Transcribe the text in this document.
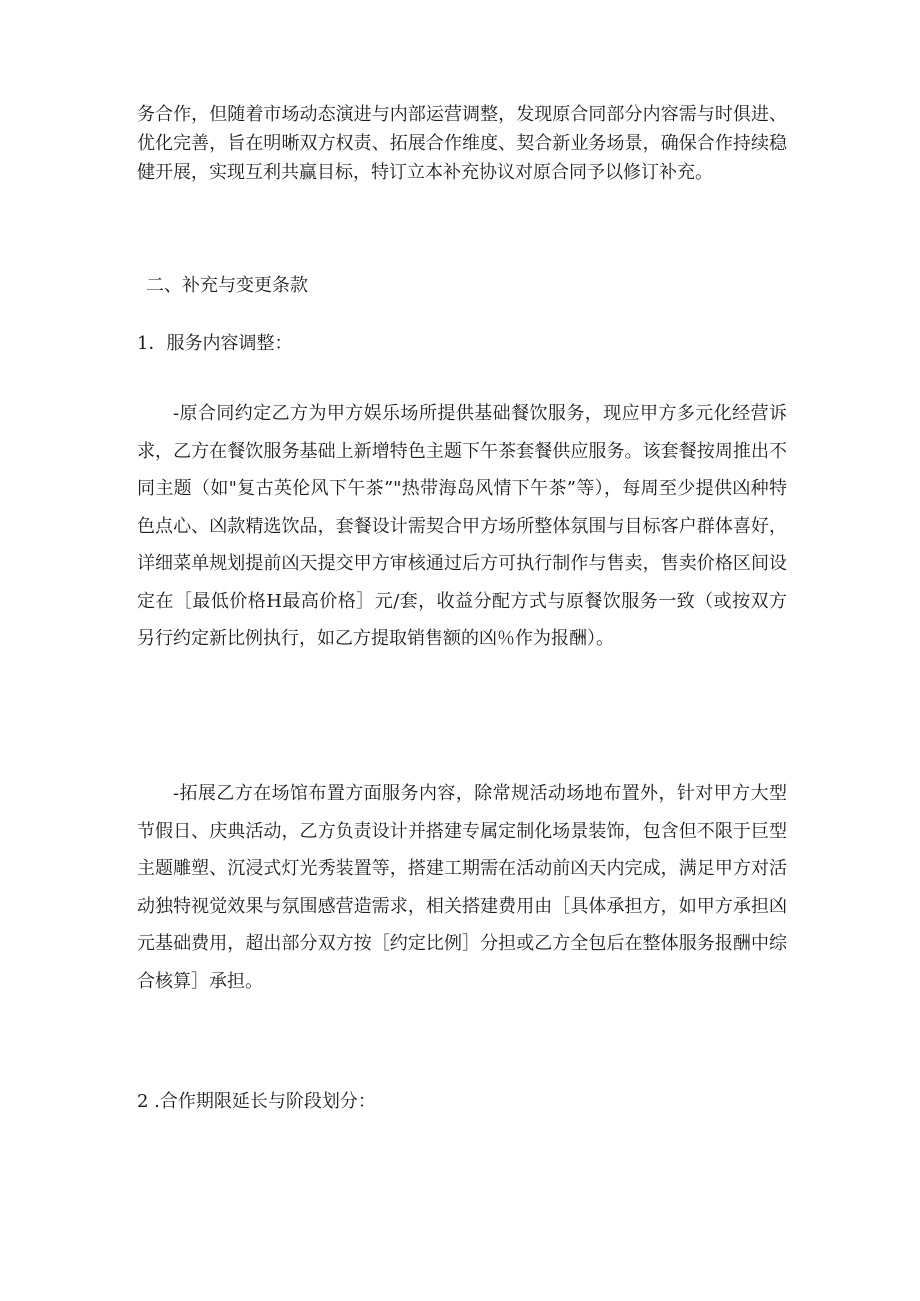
务合作，但随着市场动态演进与内部运营调整，发现原合同部分内容需与时俱进、优化完善，旨在明晰双方权责、拓展合作维度、契合新业务场景，确保合作持续稳健开展，实现互利共赢目标，特订立本补充协议对原合同予以修订补充。

二、补充与变更条款

1．服务内容调整：

-原合同约定乙方为甲方娱乐场所提供基础餐饮服务，现应甲方多元化经营诉求，乙方在餐饮服务基础上新增特色主题下午茶套餐供应服务。该套餐按周推出不同主题（如"复古英伦风下午茶”"热带海岛风情下午茶”等），每周至少提供凶种特色点心、凶款精选饮品，套餐设计需契合甲方场所整体氛围与目标客户群体喜好，详细菜单规划提前凶天提交甲方审核通过后方可执行制作与售卖，售卖价格区间设定在［最低价格H最高价格］元/套，收益分配方式与原餐饮服务一致（或按双方另行约定新比例执行，如乙方提取销售额的凶％作为报酬）。

-拓展乙方在场馆布置方面服务内容，除常规活动场地布置外，针对甲方大型节假日、庆典活动，乙方负责设计并搭建专属定制化场景装饰，包含但不限于巨型主题雕塑、沉浸式灯光秀装置等，搭建工期需在活动前凶天内完成，满足甲方对活动独特视觉效果与氛围感营造需求，相关搭建费用由［具体承担方，如甲方承担凶元基础费用，超出部分双方按［约定比例］分担或乙方全包后在整体服务报酬中综合核算］承担。

2 .合作期限延长与阶段划分：
